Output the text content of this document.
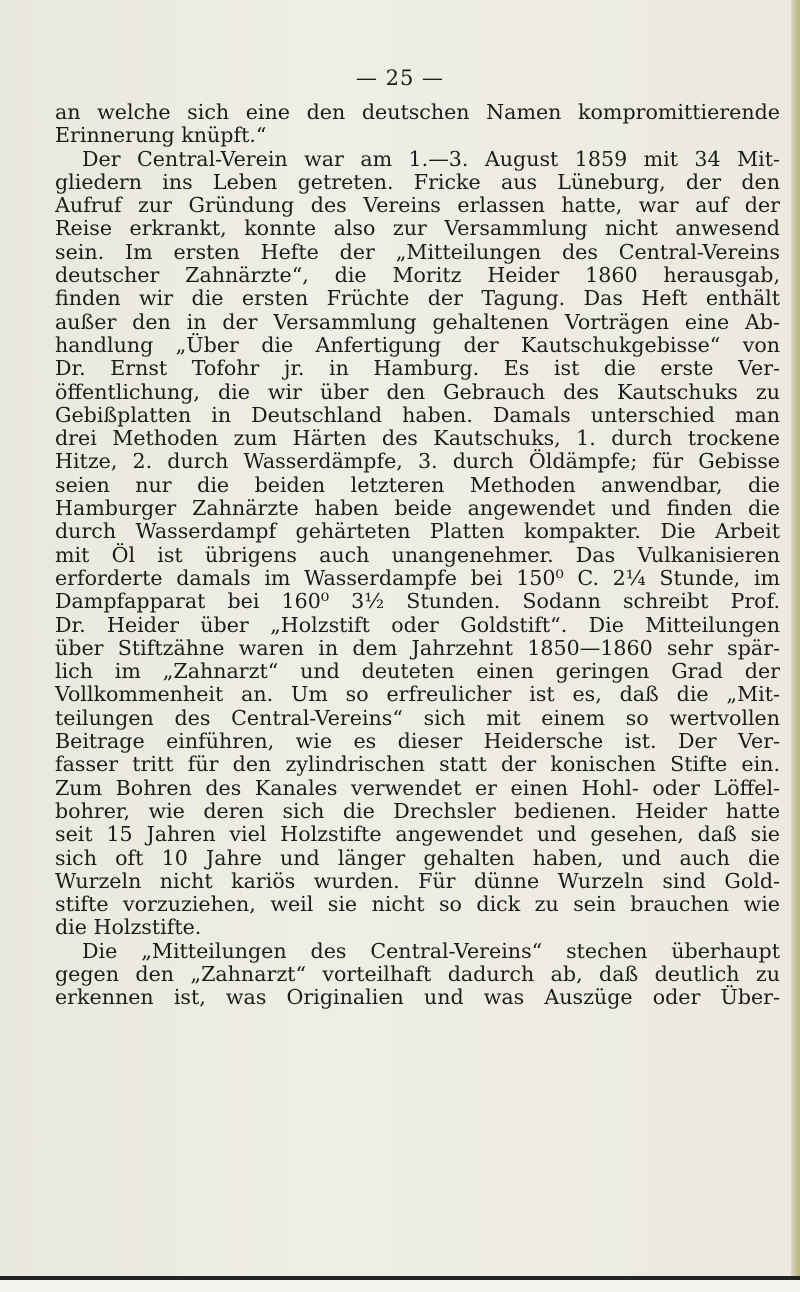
— 25 —
an welche sich eine den deutschen Namen kompromittierende
Erinnerung knüpft.“
Der Central-Verein war am 1.—3. August 1859 mit 34 Mit-
gliedern ins Leben getreten. Fricke aus Lüneburg, der den
Aufruf zur Gründung des Vereins erlassen hatte, war auf der
Reise erkrankt, konnte also zur Versammlung nicht anwesend
sein. Im ersten Hefte der „Mitteilungen des Central-Vereins
deutscher Zahnärzte“, die Moritz Heider 1860 herausgab,
finden wir die ersten Früchte der Tagung. Das Heft enthält
außer den in der Versammlung gehaltenen Vorträgen eine Ab-
handlung „Über die Anfertigung der Kautschukgebisse“ von
Dr. Ernst Tofohr jr. in Hamburg. Es ist die erste Ver-
öffentlichung, die wir über den Gebrauch des Kautschuks zu
Gebißplatten in Deutschland haben. Damals unterschied man
drei Methoden zum Härten des Kautschuks, 1. durch trockene
Hitze, 2. durch Wasserdämpfe, 3. durch Öldämpfe; für Gebisse
seien nur die beiden letzteren Methoden anwendbar, die
Hamburger Zahnärzte haben beide angewendet und finden die
durch Wasserdampf gehärteten Platten kompakter. Die Arbeit
mit Öl ist übrigens auch unangenehmer. Das Vulkanisieren
erforderte damals im Wasserdampfe bei 150⁰ C. 2¼ Stunde, im
Dampfapparat bei 160⁰ 3½ Stunden. Sodann schreibt Prof.
Dr. Heider über „Holzstift oder Goldstift“. Die Mitteilungen
über Stiftzähne waren in dem Jahrzehnt 1850—1860 sehr spär-
lich im „Zahnarzt“ und deuteten einen geringen Grad der
Vollkommenheit an. Um so erfreulicher ist es, daß die „Mit-
teilungen des Central-Vereins“ sich mit einem so wertvollen
Beitrage einführen, wie es dieser Heidersche ist. Der Ver-
fasser tritt für den zylindrischen statt der konischen Stifte ein.
Zum Bohren des Kanales verwendet er einen Hohl- oder Löffel-
bohrer, wie deren sich die Drechsler bedienen. Heider hatte
seit 15 Jahren viel Holzstifte angewendet und gesehen, daß sie
sich oft 10 Jahre und länger gehalten haben, und auch die
Wurzeln nicht kariös wurden. Für dünne Wurzeln sind Gold-
stifte vorzuziehen, weil sie nicht so dick zu sein brauchen wie
die Holzstifte.
Die „Mitteilungen des Central-Vereins“ stechen überhaupt
gegen den „Zahnarzt“ vorteilhaft dadurch ab, daß deutlich zu
erkennen ist, was Originalien und was Auszüge oder Über-
